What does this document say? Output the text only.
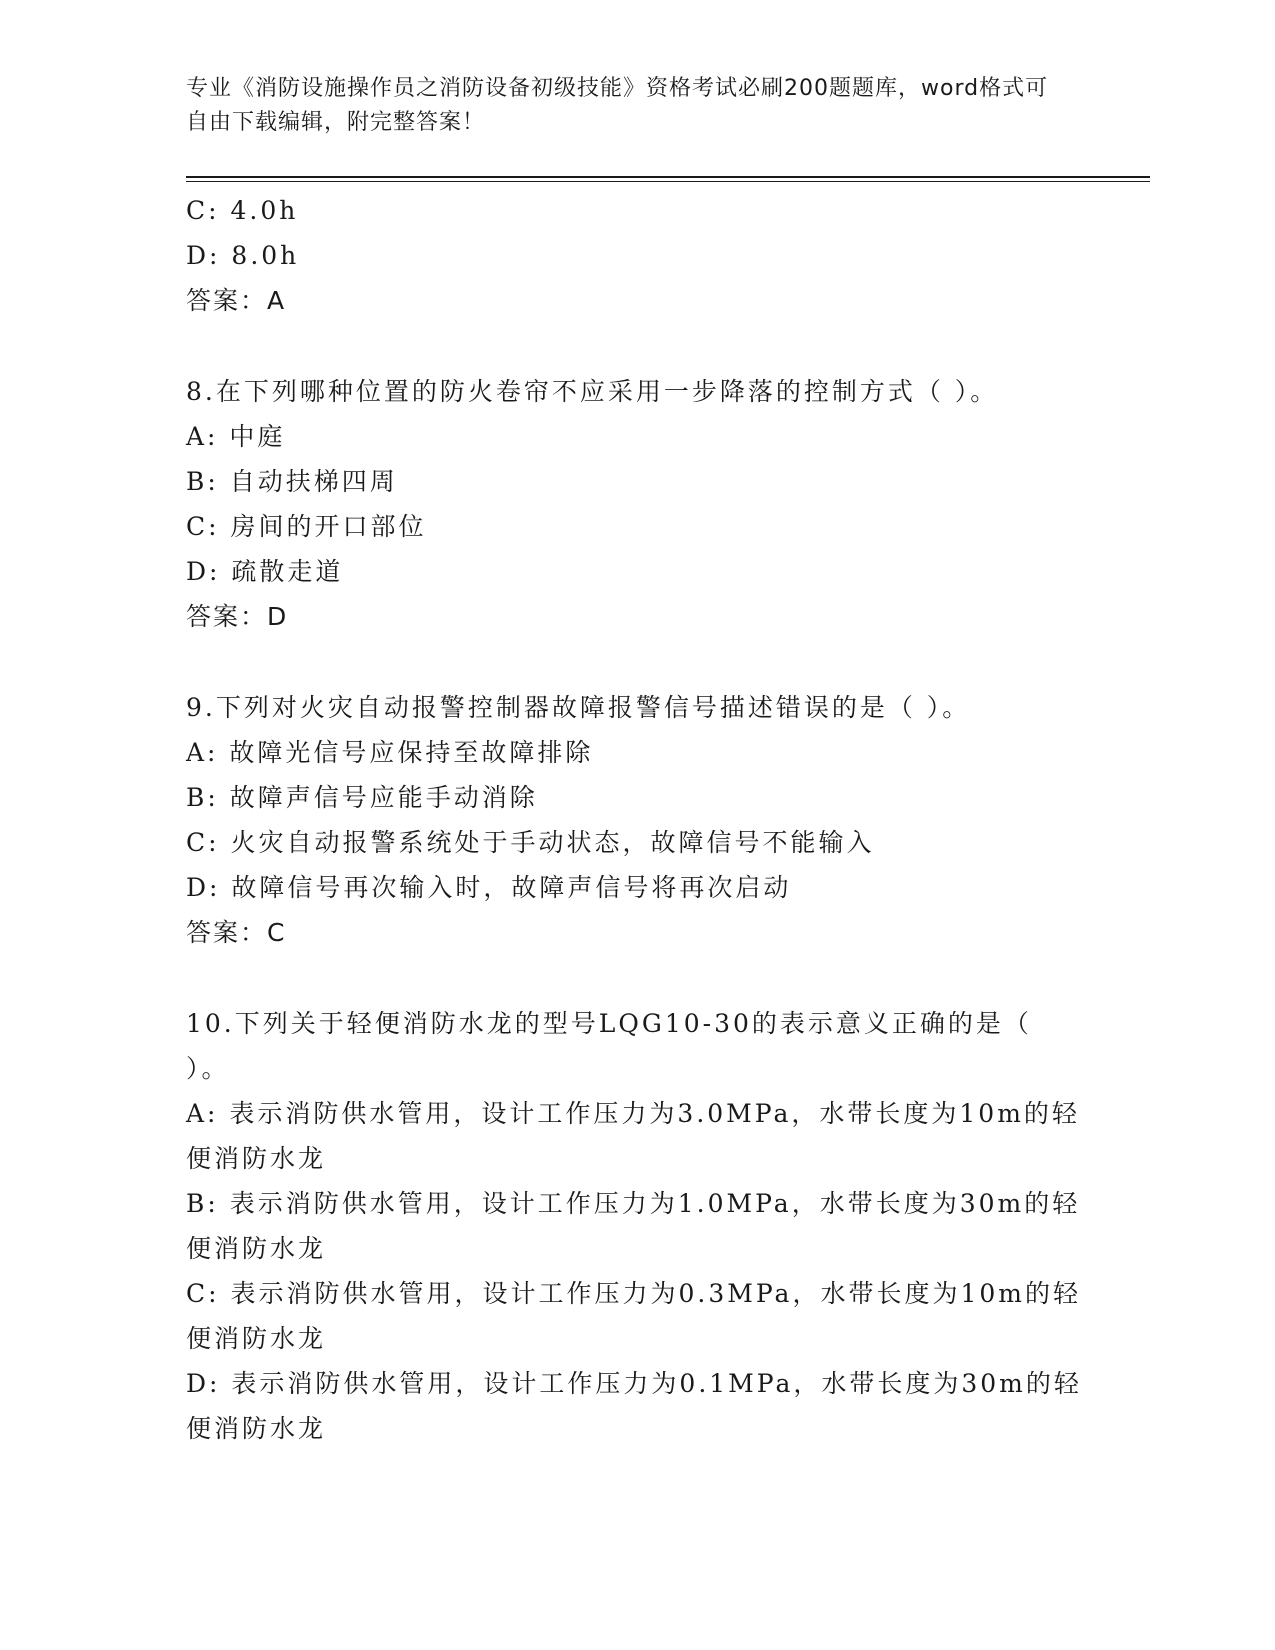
专业《消防设施操作员之消防设备初级技能》资格考试必刷200题题库，word格式可自由下载编辑，附完整答案！
C: 4.0h
D: 8.0h
答案：A
8.在下列哪种位置的防火卷帘不应采用一步降落的控制方式（ ）。
A: 中庭
B: 自动扶梯四周
C: 房间的开口部位
D: 疏散走道
答案：D
9.下列对火灾自动报警控制器故障报警信号描述错误的是（ ）。
A: 故障光信号应保持至故障排除
B: 故障声信号应能手动消除
C: 火灾自动报警系统处于手动状态，故障信号不能输入
D: 故障信号再次输入时，故障声信号将再次启动
答案：C
10.下列关于轻便消防水龙的型号LQG10-30的表示意义正确的是（ ）。
A: 表示消防供水管用，设计工作压力为3.0MPa，水带长度为10m的轻便消防水龙
B: 表示消防供水管用，设计工作压力为1.0MPa，水带长度为30m的轻便消防水龙
C: 表示消防供水管用，设计工作压力为0.3MPa，水带长度为10m的轻便消防水龙
D: 表示消防供水管用，设计工作压力为0.1MPa，水带长度为30m的轻便消防水龙
